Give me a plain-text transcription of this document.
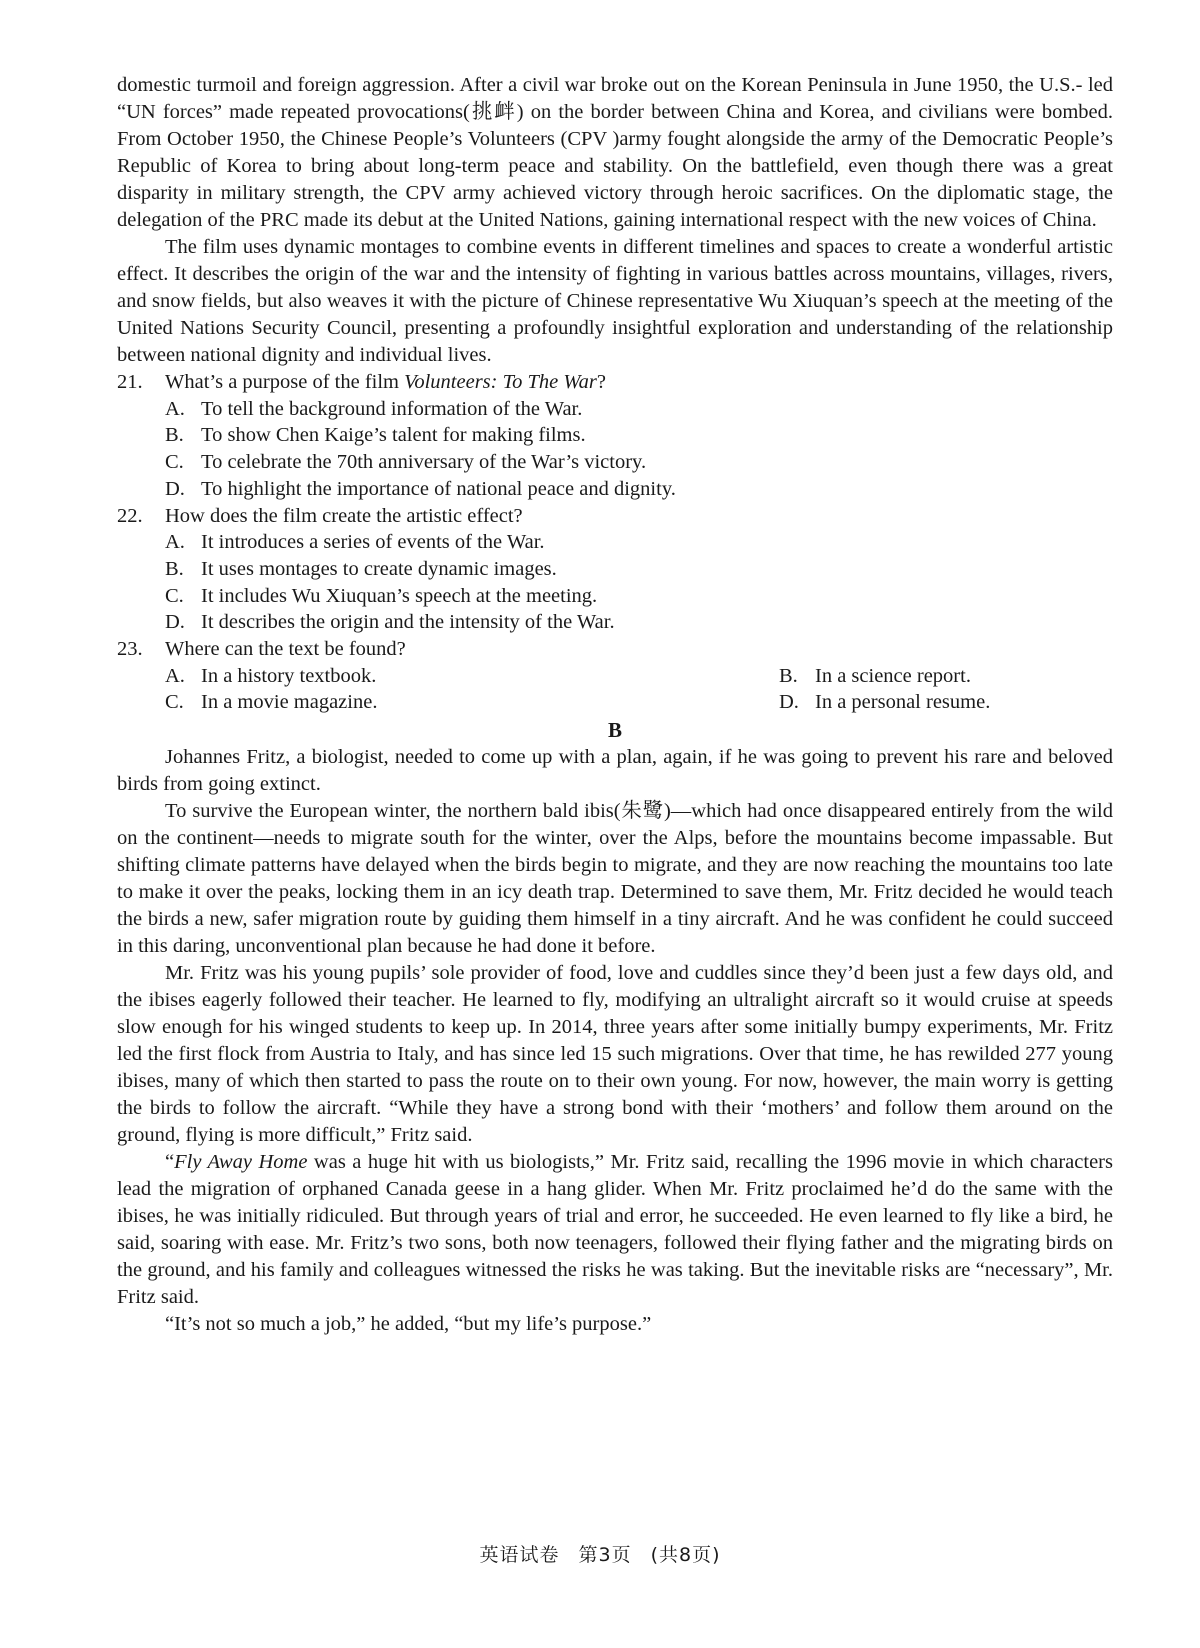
domestic turmoil and foreign aggression. After a civil war broke out on the Korean Peninsula in June 1950, the U.S.- led “UN forces” made repeated provocations(挑衅) on the border between China and Korea, and civilians were bombed. From October 1950, the Chinese People’s Volunteers (CPV )army fought alongside the army of the Democratic People’s Republic of Korea to bring about long-term peace and stability. On the battlefield, even though there was a great disparity in military strength, the CPV army achieved victory through heroic sacrifices. On the diplomatic stage, the delegation of the PRC made its debut at the United Nations, gaining international respect with the new voices of China.

The film uses dynamic montages to combine events in different timelines and spaces to create a wonderful artistic effect. It describes the origin of the war and the intensity of fighting in various battles across mountains, villages, rivers, and snow fields, but also weaves it with the picture of Chinese representative Wu Xiuquan’s speech at the meeting of the United Nations Security Council, presenting a profoundly insightful exploration and understanding of the relationship between national dignity and individual lives.

21. What’s a purpose of the film Volunteers: To The War?

A. To tell the background information of the War.

B. To show Chen Kaige’s talent for making films.

C. To celebrate the 70th anniversary of the War’s victory.

D. To highlight the importance of national peace and dignity.

22. How does the film create the artistic effect?

A. It introduces a series of events of the War.

B. It uses montages to create dynamic images.

C. It includes Wu Xiuquan’s speech at the meeting.

D. It describes the origin and the intensity of the War.

23. Where can the text be found?

A. In a history textbook.	B. In a science report.
C. In a movie magazine.	D. In a personal resume.

B

Johannes Fritz, a biologist, needed to come up with a plan, again, if he was going to prevent his rare and beloved birds from going extinct.

To survive the European winter, the northern bald ibis(朱鹭)—which had once disappeared entirely from the wild on the continent—needs to migrate south for the winter, over the Alps, before the mountains become impassable. But shifting climate patterns have delayed when the birds begin to migrate, and they are now reaching the mountains too late to make it over the peaks, locking them in an icy death trap. Determined to save them, Mr. Fritz decided he would teach the birds a new, safer migration route by guiding them himself in a tiny aircraft. And he was confident he could succeed in this daring, unconventional plan because he had done it before.

Mr. Fritz was his young pupils’ sole provider of food, love and cuddles since they’d been just a few days old, and the ibises eagerly followed their teacher. He learned to fly, modifying an ultralight aircraft so it would cruise at speeds slow enough for his winged students to keep up. In 2014, three years after some initially bumpy experiments, Mr. Fritz led the first flock from Austria to Italy, and has since led 15 such migrations. Over that time, he has rewilded 277 young ibises, many of which then started to pass the route on to their own young. For now, however, the main worry is getting the birds to follow the aircraft. “While they have a strong bond with their ‘mothers’ and follow them around on the ground, flying is more difficult,” Fritz said.

“Fly Away Home was a huge hit with us biologists,” Mr. Fritz said, recalling the 1996 movie in which characters lead the migration of orphaned Canada geese in a hang glider. When Mr. Fritz proclaimed he’d do the same with the ibises, he was initially ridiculed. But through years of trial and error, he succeeded. He even learned to fly like a bird, he said, soaring with ease. Mr. Fritz’s two sons, both now teenagers, followed their flying father and the migrating birds on the ground, and his family and colleagues witnessed the risks he was taking. But the inevitable risks are “necessary”, Mr. Fritz said.

“It’s not so much a job,” he added, “but my life’s purpose.”

英语试卷 第3页 (共8页)
